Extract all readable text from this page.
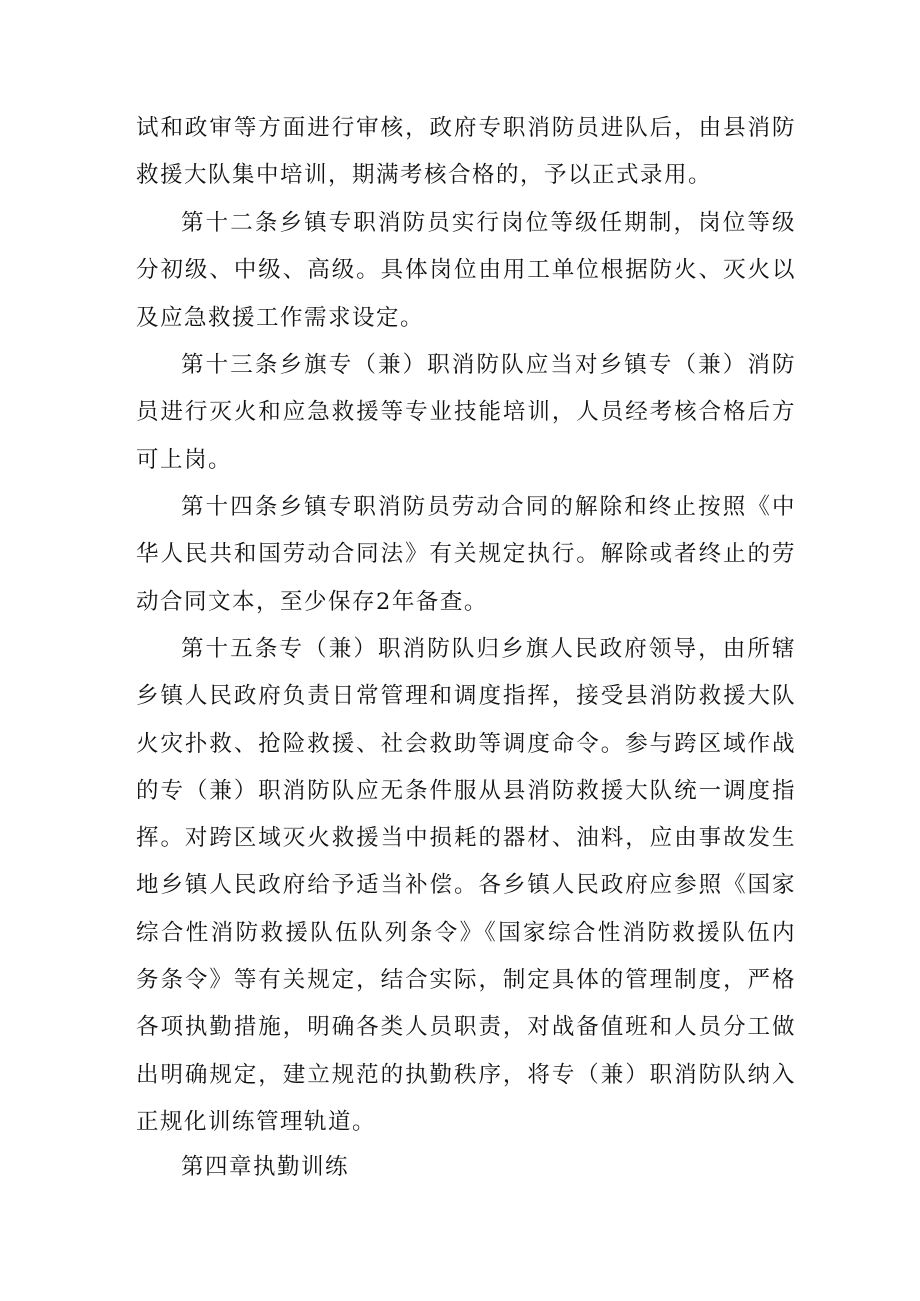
试和政审等方面进行审核，政府专职消防员进队后，由县消防救援大队集中培训，期满考核合格的，予以正式录用。

第十二条乡镇专职消防员实行岗位等级任期制，岗位等级分初级、中级、高级。具体岗位由用工单位根据防火、灭火以及应急救援工作需求设定。

第十三条乡旗专（兼）职消防队应当对乡镇专（兼）消防员进行灭火和应急救援等专业技能培训，人员经考核合格后方可上岗。

第十四条乡镇专职消防员劳动合同的解除和终止按照《中华人民共和国劳动合同法》有关规定执行。解除或者终止的劳动合同文本，至少保存2年备查。

第十五条专（兼）职消防队归乡旗人民政府领导，由所辖乡镇人民政府负责日常管理和调度指挥，接受县消防救援大队火灾扑救、抢险救援、社会救助等调度命令。参与跨区域作战的专（兼）职消防队应无条件服从县消防救援大队统一调度指挥。对跨区域灭火救援当中损耗的器材、油料，应由事故发生地乡镇人民政府给予适当补偿。各乡镇人民政府应参照《国家综合性消防救援队伍队列条令》《国家综合性消防救援队伍内务条令》等有关规定，结合实际，制定具体的管理制度，严格各项执勤措施，明确各类人员职责，对战备值班和人员分工做出明确规定，建立规范的执勤秩序，将专（兼）职消防队纳入正规化训练管理轨道。

第四章执勤训练
